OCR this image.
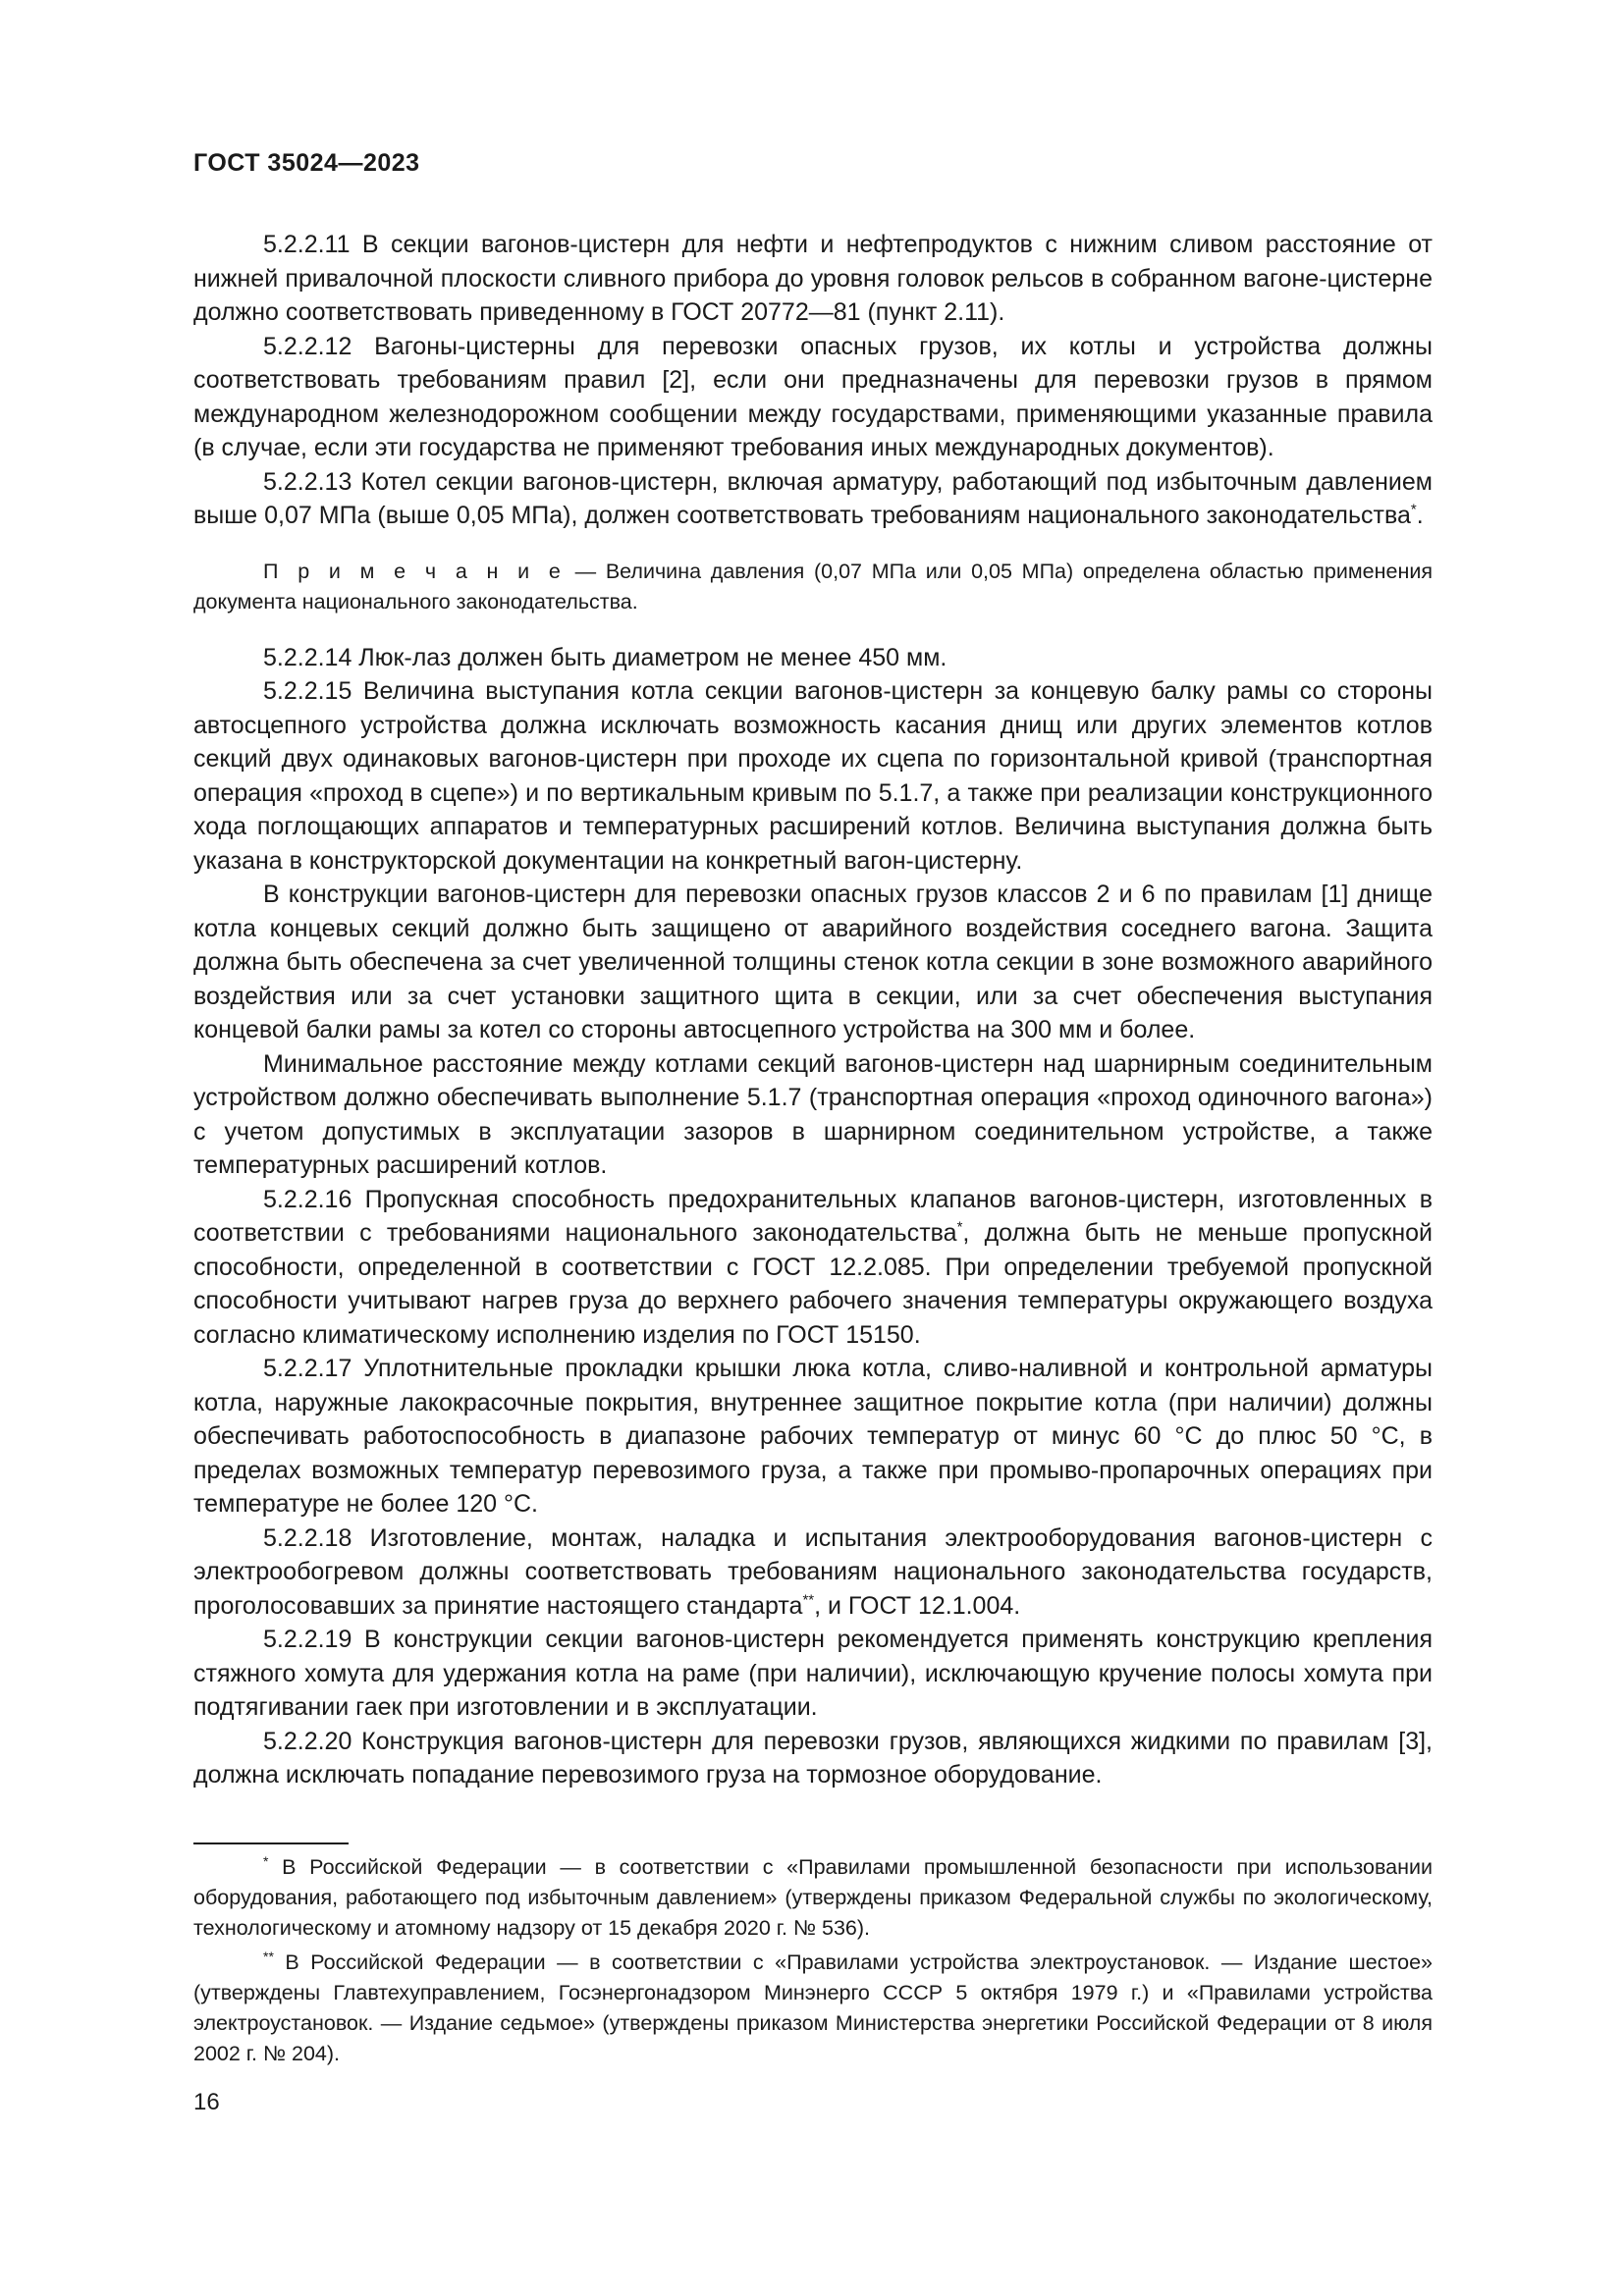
ГОСТ 35024—2023

5.2.2.11 В секции вагонов-цистерн для нефти и нефтепродуктов с нижним сливом расстояние от нижней привалочной плоскости сливного прибора до уровня головок рельсов в собранном вагоне-цистерне должно соответствовать приведенному в ГОСТ 20772—81 (пункт 2.11).

5.2.2.12 Вагоны-цистерны для перевозки опасных грузов, их котлы и устройства должны соответствовать требованиям правил [2], если они предназначены для перевозки грузов в прямом международном железнодорожном сообщении между государствами, применяющими указанные правила (в случае, если эти государства не применяют требования иных международных документов).

5.2.2.13 Котел секции вагонов-цистерн, включая арматуру, работающий под избыточным давлением выше 0,07 МПа (выше 0,05 МПа), должен соответствовать требованиям национального законодательства*.

П р и м е ч а н и е — Величина давления (0,07 МПа или 0,05 МПа) определена областью применения документа национального законодательства.

5.2.2.14 Люк-лаз должен быть диаметром не менее 450 мм.

5.2.2.15 Величина выступания котла секции вагонов-цистерн за концевую балку рамы со стороны автосцепного устройства должна исключать возможность касания днищ или других элементов котлов секций двух одинаковых вагонов-цистерн при проходе их сцепа по горизонтальной кривой (транспортная операция «проход в сцепе») и по вертикальным кривым по 5.1.7, а также при реализации конструкционного хода поглощающих аппаратов и температурных расширений котлов. Величина выступания должна быть указана в конструкторской документации на конкретный вагон-цистерну.

В конструкции вагонов-цистерн для перевозки опасных грузов классов 2 и 6 по правилам [1] днище котла концевых секций должно быть защищено от аварийного воздействия соседнего вагона. Защита должна быть обеспечена за счет увеличенной толщины стенок котла секции в зоне возможного аварийного воздействия или за счет установки защитного щита в секции, или за счет обеспечения выступания концевой балки рамы за котел со стороны автосцепного устройства на 300 мм и более.

Минимальное расстояние между котлами секций вагонов-цистерн над шарнирным соединительным устройством должно обеспечивать выполнение 5.1.7 (транспортная операция «проход одиночного вагона») с учетом допустимых в эксплуатации зазоров в шарнирном соединительном устройстве, а также температурных расширений котлов.

5.2.2.16 Пропускная способность предохранительных клапанов вагонов-цистерн, изготовленных в соответствии с требованиями национального законодательства*, должна быть не меньше пропускной способности, определенной в соответствии с ГОСТ 12.2.085. При определении требуемой пропускной способности учитывают нагрев груза до верхнего рабочего значения температуры окружающего воздуха согласно климатическому исполнению изделия по ГОСТ 15150.

5.2.2.17 Уплотнительные прокладки крышки люка котла, сливо-наливной и контрольной арматуры котла, наружные лакокрасочные покрытия, внутреннее защитное покрытие котла (при наличии) должны обеспечивать работоспособность в диапазоне рабочих температур от минус 60 °С до плюс 50 °С, в пределах возможных температур перевозимого груза, а также при промыво-пропарочных операциях при температуре не более 120 °С.

5.2.2.18 Изготовление, монтаж, наладка и испытания электрооборудования вагонов-цистерн с электрообогревом должны соответствовать требованиям национального законодательства государств, проголосовавших за принятие настоящего стандарта**, и ГОСТ 12.1.004.

5.2.2.19 В конструкции секции вагонов-цистерн рекомендуется применять конструкцию крепления стяжного хомута для удержания котла на раме (при наличии), исключающую кручение полосы хомута при подтягивании гаек при изготовлении и в эксплуатации.

5.2.2.20 Конструкция вагонов-цистерн для перевозки грузов, являющихся жидкими по правилам [3], должна исключать попадание перевозимого груза на тормозное оборудование.

* В Российской Федерации — в соответствии с «Правилами промышленной безопасности при использовании оборудования, работающего под избыточным давлением» (утверждены приказом Федеральной службы по экологическому, технологическому и атомному надзору от 15 декабря 2020 г. № 536).

** В Российской Федерации — в соответствии с «Правилами устройства электроустановок. — Издание шестое» (утверждены Главтехуправлением, Госэнергонадзором Минэнерго СССР 5 октября 1979 г.) и «Правилами устройства электроустановок. — Издание седьмое» (утверждены приказом Министерства энергетики Российской Федерации от 8 июля 2002 г. № 204).

16
